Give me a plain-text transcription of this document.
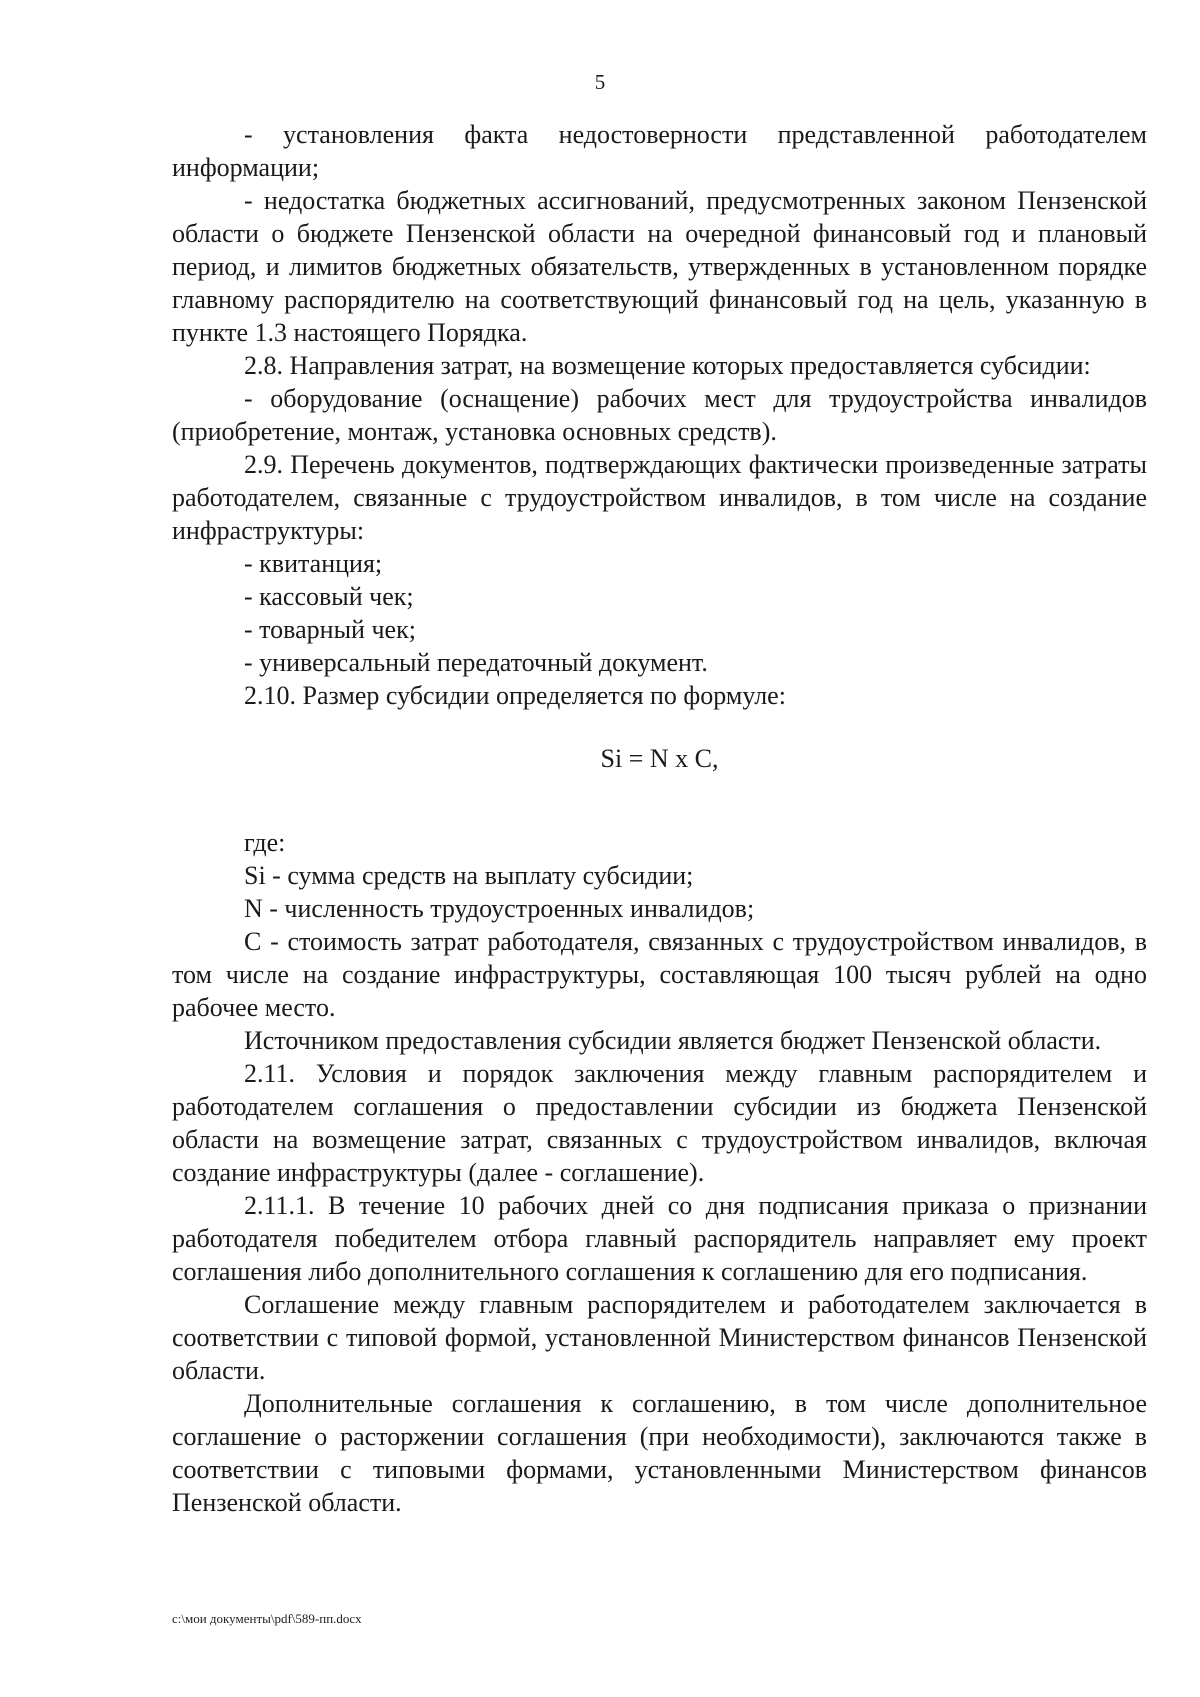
5

- установления факта недостоверности представленной работодателем информации;

- недостатка бюджетных ассигнований, предусмотренных законом Пензенской области о бюджете Пензенской области на очередной финансовый год и плановый период, и лимитов бюджетных обязательств, утвержденных в установленном порядке главному распорядителю на соответствующий финансовый год на цель, указанную в пункте 1.3 настоящего Порядка.

2.8. Направления затрат, на возмещение которых предоставляется субсидии:

- оборудование (оснащение) рабочих мест для трудоустройства инвалидов (приобретение, монтаж, установка основных средств).

2.9. Перечень документов, подтверждающих фактически произведенные затраты работодателем, связанные с трудоустройством инвалидов, в том числе на создание инфраструктуры:

- квитанция;

- кассовый чек;

- товарный чек;

- универсальный передаточный документ.

2.10. Размер субсидии определяется по формуле:

Si = N x C,

где:

Si - сумма средств на выплату субсидии;

N - численность трудоустроенных инвалидов;

C - стоимость затрат работодателя, связанных с трудоустройством инвалидов, в том числе на создание инфраструктуры, составляющая 100 тысяч рублей на одно рабочее место.

Источником предоставления субсидии является бюджет Пензенской области.

2.11. Условия и порядок заключения между главным распорядителем и работодателем соглашения о предоставлении субсидии из бюджета Пензенской области на возмещение затрат, связанных с трудоустройством инвалидов, включая создание инфраструктуры (далее - соглашение).

2.11.1. В течение 10 рабочих дней со дня подписания приказа о признании работодателя победителем отбора главный распорядитель направляет ему проект соглашения либо дополнительного соглашения к соглашению для его подписания.

Соглашение между главным распорядителем и работодателем заключается в соответствии с типовой формой, установленной Министерством финансов Пензенской области.

Дополнительные соглашения к соглашению, в том числе дополнительное соглашение о расторжении соглашения (при необходимости), заключаются также в соответствии с типовыми формами, установленными Министерством финансов Пензенской области.

c:\мои документы\pdf\589-пп.docx
